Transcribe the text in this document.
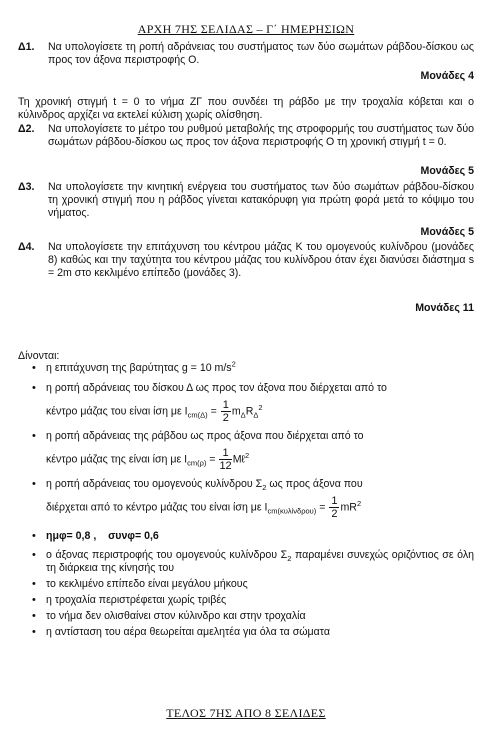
ΑΡΧΗ 7ΗΣ ΣΕΛΙΔΑΣ – Γ΄ ΗΜΕΡΗΣΙΩΝ
Δ1. Να υπολογίσετε τη ροπή αδράνειας του συστήματος των δύο σωμάτων ράβδου-δίσκου ως προς τον άξονα περιστροφής Ο.
Μονάδες 4
Τη χρονική στιγμή t = 0 το νήμα ΖΓ που συνδέει τη ράβδο με την τροχαλία κόβεται και ο κύλινδρος αρχίζει να εκτελεί κύλιση χωρίς ολίσθηση.
Δ2. Να υπολογίσετε το μέτρο του ρυθμού μεταβολής της στροφορμής του συστήματος των δύο σωμάτων ράβδου-δίσκου ως προς τον άξονα περιστροφής Ο τη χρονική στιγμή t = 0.
Μονάδες 5
Δ3. Να υπολογίσετε την κινητική ενέργεια του συστήματος των δύο σωμάτων ράβδου-δίσκου τη χρονική στιγμή που η ράβδος γίνεται κατακόρυφη για πρώτη φορά μετά το κόψιμο του νήματος.
Μονάδες 5
Δ4. Να υπολογίσετε την επιτάχυνση του κέντρου μάζας Κ του ομογενούς κυλίνδρου (μονάδες 8) καθώς και την ταχύτητα του κέντρου μάζας του κυλίνδρου όταν έχει διανύσει διάστημα s = 2m στο κεκλιμένο επίπεδο (μονάδες 3).
Μονάδες 11
Δίνονται:
• η επιτάχυνση της βαρύτητας g = 10 $m/s^2$
• η ροπή αδράνειας του δίσκου Δ ως προς τον άξονα που διέρχεται από το
κέντρο μάζας του είναι ίση με $I_{cm(\Delta)} = \frac{1}{2} m_\Delta R_\Delta^2$
• η ροπή αδράνειας της ράβδου ως προς άξονα που διέρχεται από το
κέντρο μάζας της είναι ίση με $I_{cm(\rho)} = \frac{1}{12}$ Mℓ$^2$
• η ροπή αδράνειας του ομογενούς κυλίνδρου $\Sigma_2$ ως προς άξονα που
διέρχεται από το κέντρο μάζας του είναι ίση με $I_{cm(\kappa\upsilon\lambda ί\nu\delta\rho o\upsilon)} = \frac{1}{2} mR^2$
• ημφ= 0,8 , συνφ= 0,6
• ο άξονας περιστροφής του ομογενούς κυλίνδρου $\Sigma_2$ παραμένει συνεχώς οριζόντιος σε όλη τη διάρκεια της κίνησής του
• το κεκλιμένο επίπεδο είναι μεγάλου μήκους
• η τροχαλία περιστρέφεται χωρίς τριβές
• το νήμα δεν ολισθαίνει στον κύλινδρο και στην τροχαλία
• η αντίσταση του αέρα θεωρείται αμελητέα για όλα τα σώματα
ΤΕΛΟΣ 7ΗΣ ΑΠΟ 8 ΣΕΛΙΔΕΣ
